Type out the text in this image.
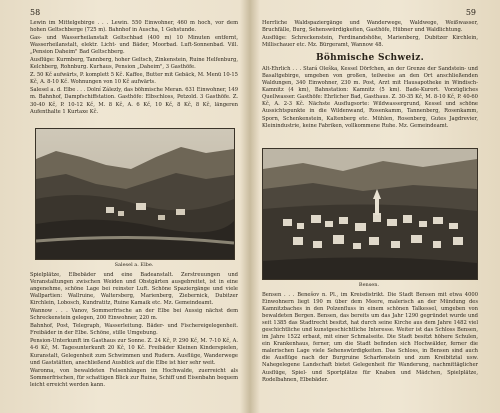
58

Lewin im Mittelgebirge . . . Lewin. 550 Einwohner, 460 m hoch, vor dem hohen Geltschberge (725 m). Bahnhof in Auscha, 1 Gehstunde.

Gas- und Wasserheilanstalt Geltschbad (400 m) 10 Minuten entfernt, Wasserheilanstalt, elektr. Licht- und Bäder, Moorbad. Luft-Sonnenbad. Vill. „Pension Daheim" Bad Geltschberg.

Ausflüge: Kurmberg, Tannberg, hoher Geltsch, Zinkenstein, Ruine Helfenburg, Kelchberg, Rohnburg. Kurhaus, Pension „Daheim", 3 Gasthöfe.

Z. 50 Kč aufwärts, P. komplett 5 Kč. Kaffee, Butter mit Gebäck, M. Menü 10-15 Kč, A. 8-10 Kč. Wohnungen von 10 Kč aufwärts.

Salesel a. d. Elbe . . . Dolní Zálezly, das böhmische Meran. 631 Einwohner, 149 m. Bahnhof, Dampfschiffstation. Gasthöfe: Elbschloss, Petzold. 3 Gasthöfe. Z. 30-40 Kč, P. 10-12 Kč, M. 8 Kč, A. 6 Kč, 10 Kč, 8 Kč, 8 Kč, längeren Aufenthalte 1 Kurtaxe Kč.

Salesel a. Elbe.

Spielplätze, Elbebäder und eine Badeanstalt. Zerstreuungen und Veranstaltungen zwischen Weiden und Obstgärten ausgebreitet, ist in eine angenehme, schöne Lage bei reinster Luft. Schöne Spaziergänge und viele Wallpartien: Wallruine, Waltersberg, Marienberg, Ziebernick, Dubitzer Kirchlein, Lobosch, Kundratitz, Ruine Kamaik etc. Mz. Gemeindeamt.

Wannow . . . Vanov, Sommerfrische an der Elbe bei Aussig nächst dem Schreckenstein gelegen, 200 Einwohner, 220 m.

Bahnhof, Post, Telegraph, Wasserleitung. Bäder- und Fischereigelegenheit. Freibäder in der Elbe. Schöne, stille Umgebung.

Pension-Unterkunft im Gasthaus zur Sonne. Z. 24 Kč, P. 290 Kč, M. 7-10 Kč, A. 4-6 Kč, M. Tagesunterkunft 20 Kč, 10 Kč. Freibäder Kleinen Kinderspielen, Kuranstalt, Gelegenheit zum Schwimmen und Rudern. Ausflüge, Wanderwege und Gaststätten, anschließend Ausblick auf die Elbe ist hier sehr weit.

Waronna, von bewaldeten Felsenhängen im Hochwalde, zuerreicht als Sommerfrischen, für schattigen Blick zur Ruine, Schiff und Eisenbahn bequem leicht erreicht werden kann.

59

Herrliche Waldspaziergänge und Wanderwege, Waldwege, Weißwasser, Bruchfälle, Burg, Sehenswürdigkeiten, Gasthöfe, Hübner und Waldlichtung.

Ausflüge: Schreckenstein, Ferdinandshöhe, Marienberg, Dubitzer Kirchlein, Millischauer etc. Mz. Bürgeramt, Wannow 48.

Böhmische Schweiz.

Alt-Ehrlich . . . Stará Oleška, Kessel Dörfchen, an der Grenze der Sandstein- und Basaltgebirge, umgeben von großen, teilweise an den Ort anschließenden Waldungen, 340 Einwohner, 230 m. Post, Arzt mit Hausapotheke in Windisch-Kamnitz (4 km), Bahnstation: Kamnitz (5 km). Bade-Kurort. Vorzügliches Quellwasser. Gasthöfe: Ehrlicher Bad, Gasthaus. Z. 30-35 Kč, M. 8-10 Kč, P. 40-60 Kč, A. 2-3 Kč. Nächste Ausflugsorte: Wildwassergrund, Kessel und schöne Aussichtspunkte in die Wildenwand, Rosenkamm, Tannenberg, Rosenkamm, Sporn, Schenkenstein, Kaltenberg etc. Mühlen, Rosenberg, Gutes Jagdrevier, Kleinindustrie, keine Fabriken, vollkommene Ruhe. Mz. Gemeindeamt.

Bensen.

Bensen . . . Benešov n. Pl., im Kreisdistrikt. Die Stadt Bensen mit etwa 4000 Einwohnern liegt 190 m über dem Meere, malerisch an der Mündung des Kamnitzbaches in den Polzenfluss in einem schönen Talkessel, umgeben von bewaldeten Bergen. Bensen, das bereits um das Jahr 1290 gegründet wurde und seit 1385 das Stadtrecht besitzt, hat durch seine Kirche aus dem Jahre 1482 viel geschichtliche und kunstgeschichtliche Interesse. Weiter ist das Schloss Bensen, im Jahre 1522 erbaut, mit einer Schmalseite. Die Stadt besitzt höhere Schulen, ein Krankenhaus, ferner, um die Stadt befinden sich Hochwälder, ferner die malerischen Lage viele Sehenswürdigkeiten. Das Schloss, in Bensen sind auch die Ausflüge nach der Burgruine Scharfenstein und zum Kreibitztal usw. Nahegelegene Landschaft bietet Gelegenheit für Wanderung, nachmittäglicher Ausflüge, Spiel- und Sportplätze für Knaben und Mädchen, Spielplätze, Rodelbahnen, Elbebäder.
